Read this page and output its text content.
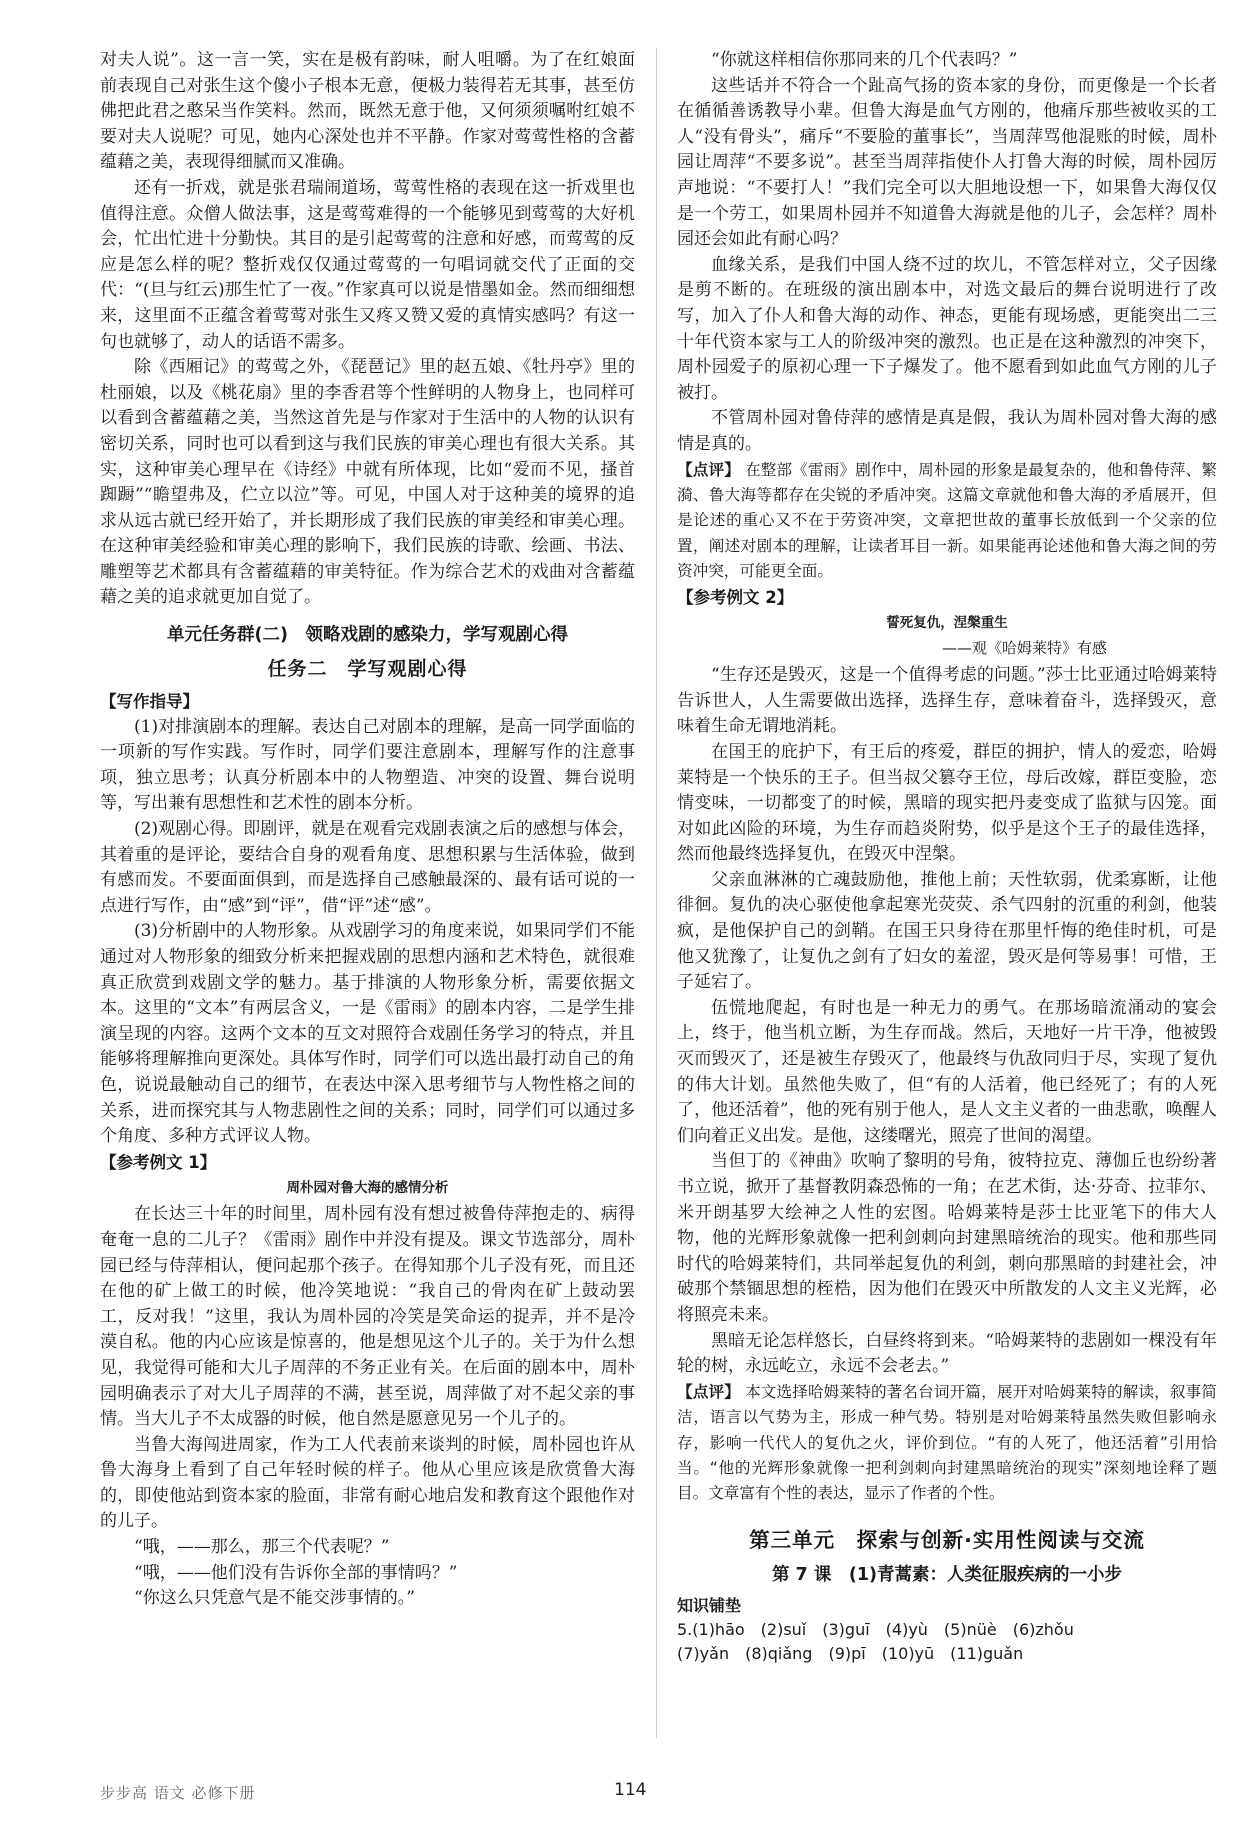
对夫人说”。这一言一笑，实在是极有韵味，耐人咀嚼。为了在红娘面前表现自己对张生这个傻小子根本无意，便极力装得若无其事，甚至仿佛把此君之憨呆当作笑料。然而，既然无意于他，又何须须嘱咐红娘不要对夫人说呢？可见，她内心深处也并不平静。作家对莺莺性格的含蓄蕴藉之美，表现得细腻而又准确。

还有一折戏，就是张君瑞闹道场，莺莺性格的表现在这一折戏里也值得注意。众僧人做法事，这是莺莺难得的一个能够见到莺莺的大好机会，忙出忙进十分勤快。其目的是引起莺莺的注意和好感，而莺莺的反应是怎么样的呢？整折戏仅仅通过莺莺的一句唱词就交代了正面的交代：“(旦与红云)那生忙了一夜。”作家真可以说是惜墨如金。然而细细想来，这里面不正蕴含着莺莺对张生又疼又赞又爱的真情实感吗？有这一句也就够了，动人的话语不需多。

除《西厢记》的莺莺之外，《琵琶记》里的赵五娘、《牡丹亭》里的杜丽娘，以及《桃花扇》里的李香君等个性鲜明的人物身上，也同样可以看到含蓄蕴藉之美，当然这首先是与作家对于生活中的人物的认识有密切关系，同时也可以看到这与我们民族的审美心理也有很大关系。其实，这种审美心理早在《诗经》中就有所体现，比如“爱而不见，搔首踟蹰”“瞻望弗及，伫立以泣”等。可见，中国人对于这种美的境界的追求从远古就已经开始了，并长期形成了我们民族的审美经和审美心理。在这种审美经验和审美心理的影响下，我们民族的诗歌、绘画、书法、雕塑等艺术都具有含蓄蕴藉的审美特征。作为综合艺术的戏曲对含蓄蕴藉之美的追求就更加自觉了。

单元任务群(二)　领略戏剧的感染力，学写观剧心得
任务二　学写观剧心得
【写作指导】

(1)对排演剧本的理解。表达自己对剧本的理解，是高一同学面临的一项新的写作实践。写作时，同学们要注意剧本，理解写作的注意事项，独立思考；认真分析剧本中的人物塑造、冲突的设置、舞台说明等，写出兼有思想性和艺术性的剧本分析。

(2)观剧心得。即剧评，就是在观看完戏剧表演之后的感想与体会，其着重的是评论，要结合自身的观看角度、思想积累与生活体验，做到有感而发。不要面面俱到，而是选择自己感触最深的、最有话可说的一点进行写作，由“感”到“评”，借“评”述“感”。

(3)分析剧中的人物形象。从戏剧学习的角度来说，如果同学们不能通过对人物形象的细致分析来把握戏剧的思想内涵和艺术特色，就很难真正欣赏到戏剧文学的魅力。基于排演的人物形象分析，需要依据文本。这里的“文本”有两层含义，一是《雷雨》的剧本内容，二是学生排演呈现的内容。这两个文本的互文对照符合戏剧任务学习的特点，并且能够将理解推向更深处。具体写作时，同学们可以选出最打动自己的角色，说说最触动自己的细节，在表达中深入思考细节与人物性格之间的关系，进而探究其与人物悲剧性之间的关系；同时，同学们可以通过多个角度、多种方式评议人物。

【参考例文 1】
周朴园对鲁大海的感情分析

在长达三十年的时间里，周朴园有没有想过被鲁侍萍抱走的、病得奄奄一息的二儿子？《雷雨》剧作中并没有提及。课文节选部分，周朴园已经与侍萍相认，便问起那个孩子。在得知那个儿子没有死，而且还在他的矿上做工的时候，他冷笑地说：“我自己的骨肉在矿上鼓动罢工，反对我！”这里，我认为周朴园的冷笑是笑命运的捉弄，并不是冷漠自私。他的内心应该是惊喜的，他是想见这个儿子的。关于为什么想见，我觉得可能和大儿子周萍的不务正业有关。在后面的剧本中，周朴园明确表示了对大儿子周萍的不满，甚至说，周萍做了对不起父亲的事情。当大儿子不太成器的时候，他自然是愿意见另一个儿子的。

当鲁大海闯进周家，作为工人代表前来谈判的时候，周朴园也许从鲁大海身上看到了自己年轻时候的样子。他从心里应该是欣赏鲁大海的，即使他站到资本家的脸面，非常有耐心地启发和教育这个跟他作对的儿子。

“哦，——那么，那三个代表呢？”

“哦，——他们没有告诉你全部的事情吗？”

“你这么只凭意气是不能交涉事情的。”

“你就这样相信你那同来的几个代表吗？”

这些话并不符合一个趾高气扬的资本家的身份，而更像是一个长者在循循善诱教导小辈。但鲁大海是血气方刚的，他痛斥那些被收买的工人“没有骨头”，痛斥“不要脸的董事长”，当周萍骂他混账的时候，周朴园让周萍“不要多说”。甚至当周萍指使仆人打鲁大海的时候，周朴园厉声地说：“不要打人！”我们完全可以大胆地设想一下，如果鲁大海仅仅是一个劳工，如果周朴园并不知道鲁大海就是他的儿子，会怎样？周朴园还会如此有耐心吗？

血缘关系，是我们中国人绕不过的坎儿，不管怎样对立，父子因缘是剪不断的。在班级的演出剧本中，对选文最后的舞台说明进行了改写，加入了仆人和鲁大海的动作、神态，更能有现场感，更能突出二三十年代资本家与工人的阶级冲突的激烈。也正是在这种激烈的冲突下，周朴园爱子的原初心理一下子爆发了。他不愿看到如此血气方刚的儿子被打。

不管周朴园对鲁侍萍的感情是真是假，我认为周朴园对鲁大海的感情是真的。

【点评】 在整部《雷雨》剧作中，周朴园的形象是最复杂的，他和鲁侍萍、繁漪、鲁大海等都存在尖锐的矛盾冲突。这篇文章就他和鲁大海的矛盾展开，但是论述的重心又不在于劳资冲突，文章把世故的董事长放低到一个父亲的位置，阐述对剧本的理解，让读者耳目一新。如果能再论述他和鲁大海之间的劳资冲突，可能更全面。
【参考例文 2】
誓死复仇，涅槃重生
——观《哈姆莱特》有感

“生存还是毁灭，这是一个值得考虑的问题。”莎士比亚通过哈姆莱特告诉世人，人生需要做出选择，选择生存，意味着奋斗，选择毁灭，意味着生命无谓地消耗。

在国王的庇护下，有王后的疼爱，群臣的拥护，情人的爱恋，哈姆莱特是一个快乐的王子。但当叔父篡夺王位，母后改嫁，群臣变脸，恋情变味，一切都变了的时候，黑暗的现实把丹麦变成了监狱与囚笼。面对如此凶险的环境，为生存而趋炎附势，似乎是这个王子的最佳选择，然而他最终选择复仇，在毁灭中涅槃。

父亲血淋淋的亡魂鼓励他，推他上前；天性软弱，优柔寡断，让他徘徊。复仇的决心驱使他拿起寒光荧荧、杀气四射的沉重的利剑，他装疯，是他保护自己的剑鞘。在国王只身待在那里忏悔的绝佳时机，可是他又犹豫了，让复仇之剑有了妇女的羞涩，毁灭是何等易事！可惜，王子延宕了。

伍慌地爬起，有时也是一种无力的勇气。在那场暗流涌动的宴会上，终于，他当机立断，为生存而战。然后，天地好一片干净，他被毁灭而毁灭了，还是被生存毁灭了，他最终与仇敌同归于尽，实现了复仇的伟大计划。虽然他失败了，但“有的人活着，他已经死了；有的人死了，他还活着”，他的死有别于他人，是人文主义者的一曲悲歌，唤醒人们向着正义出发。是他，这缕曙光，照亮了世间的渴望。

当但丁的《神曲》吹响了黎明的号角，彼特拉克、薄伽丘也纷纷著书立说，掀开了基督教阴森恐怖的一角；在艺术街，达·芬奇、拉菲尔、米开朗基罗大绘神之人性的宏图。哈姆莱特是莎士比亚笔下的伟大人物，他的光辉形象就像一把利剑刺向封建黑暗统治的现实。他和那些同时代的哈姆莱特们，共同举起复仇的利剑，刺向那黑暗的封建社会，冲破那个禁锢思想的桎梏，因为他们在毁灭中所散发的人文主义光辉，必将照亮未来。

黑暗无论怎样悠长，白昼终将到来。“哈姆莱特的悲剧如一棵没有年轮的树，永远屹立，永远不会老去。”

【点评】 本文选择哈姆莱特的著名台词开篇，展开对哈姆莱特的解读，叙事简洁，语言以气势为主，形成一种气势。特别是对哈姆莱特虽然失败但影响永存，影响一代代人的复仇之火，评价到位。“有的人死了，他还活着”引用恰当。“他的光辉形象就像一把利剑刺向封建黑暗统治的现实”深刻地诠释了题目。文章富有个性的表达，显示了作者的个性。
第三单元　探索与创新·实用性阅读与交流
第 7 课　(1)青蒿素：人类征服疾病的一小步
知识铺垫
5.(1)hāo　(2)suǐ　(3)guī　(4)yù　(5)nüè　(6)zhǒu
(7)yǎn　(8)qiǎng　(9)pī　(10)yū　(11)guǎn
步步高 语文 必修下册	114
